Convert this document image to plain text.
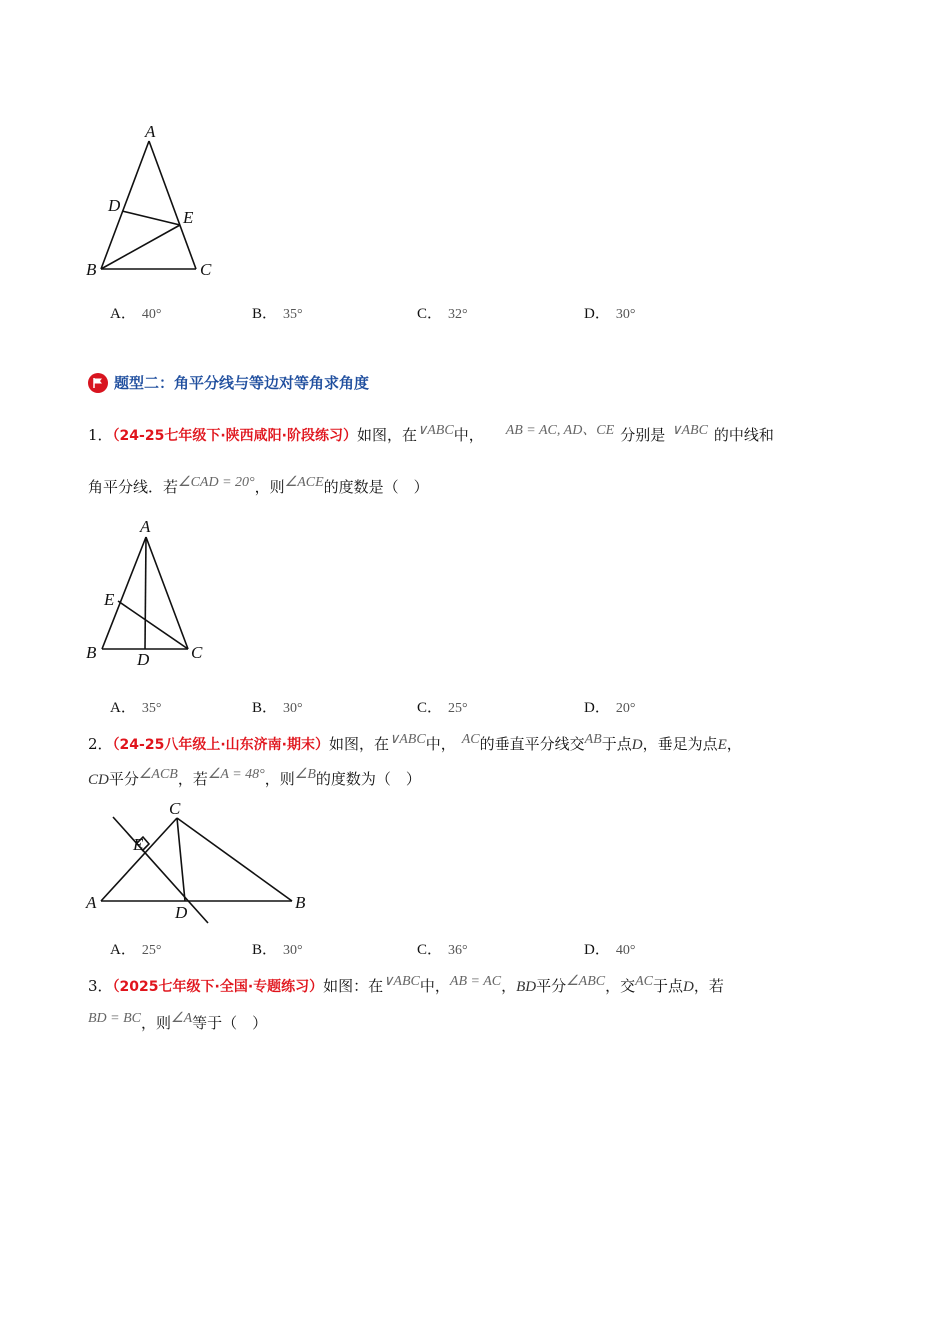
A
D
E
B	C
A． 40°	B． 35°	C． 32°	D． 30°
题型二：角平分线与等边对等角求角度
1．（24-25七年级下·陕西咸阳·阶段练习）如图，在∨ABC中， AB = AC, AD、CE 分别是 ∨ABC 的中线和
角平分线．若∠CAD = 20°，则∠ACE的度数是（　）
A
E
B D C
A． 35°	B． 30°	C． 25°	D． 20°
2．（24-25八年级上·山东济南·期末）如图，在∨ABC中， AC的垂直平分线交AB于点D，垂足为点E，
CD平分∠ACB，若∠A = 48°，则∠B的度数为（　）
C
E
A
D
B
A． 25°	B． 30°	C． 36°	D． 40°
3．（2025七年级下·全国·专题练习）如图：在∨ABC中，AB = AC，BD平分∠ABC，交AC于点D，若
BD = BC，则∠A等于（　）
